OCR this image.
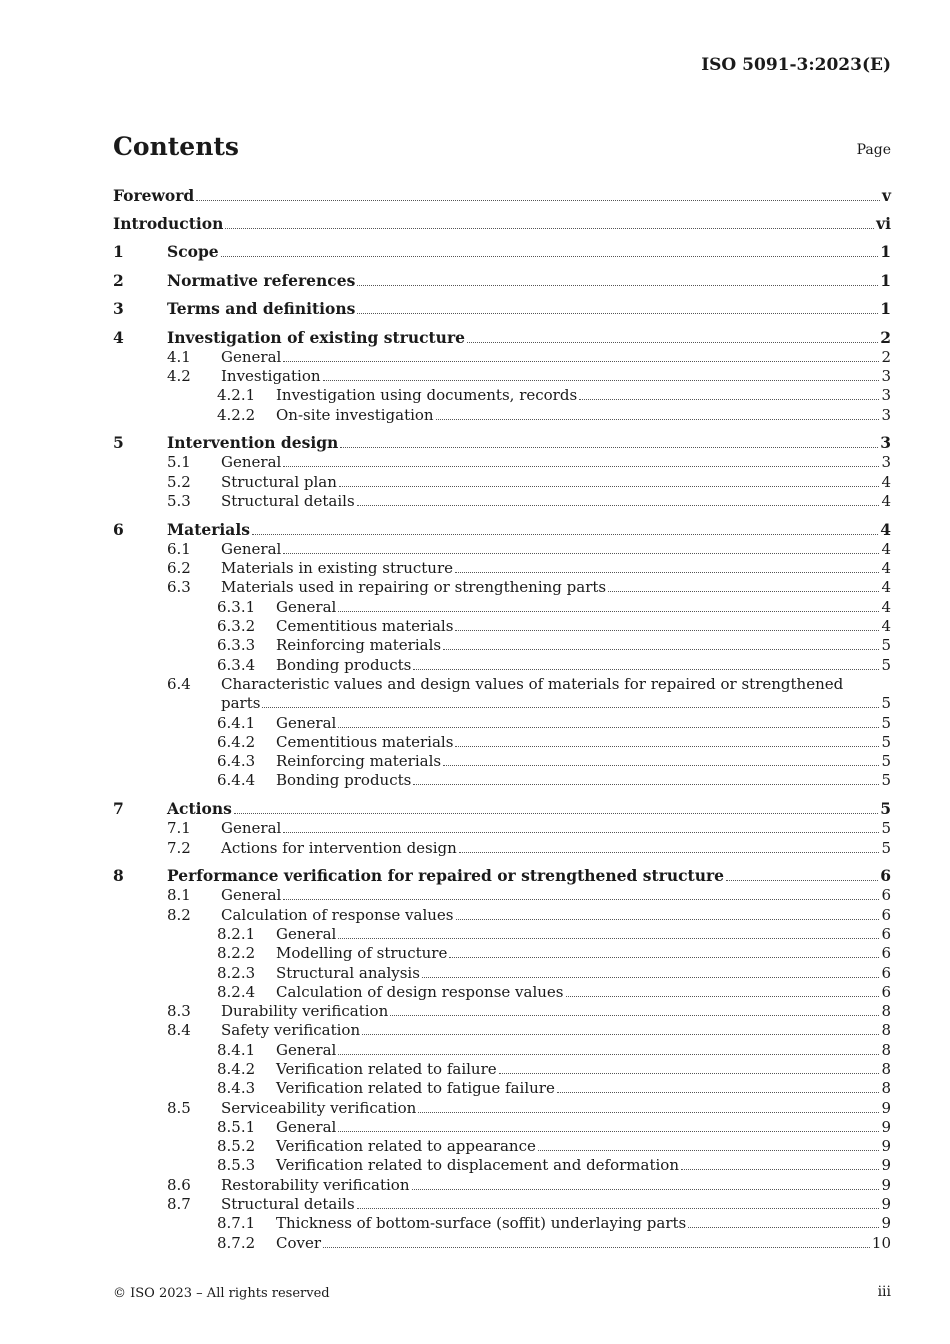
ISO 5091-3:2023(E)
Contents	Page
Foreword	v
Introduction	vi
1	Scope	1
2	Normative references	1
3	Terms and definitions	1
4	Investigation of existing structure	2
4.1 General	2
4.2 Investigation	3
4.2.1 Investigation using documents, records	3
4.2.2 On-site investigation	3
5	Intervention design	3
5.1 General	3
5.2 Structural plan	4
5.3 Structural details	4
6	Materials	4
6.1 General	4
6.2 Materials in existing structure	4
6.3 Materials used in repairing or strengthening parts	4
6.3.1 General	4
6.3.2 Cementitious materials	4
6.3.3 Reinforcing materials	5
6.3.4 Bonding products	5
6.4 Characteristic values and design values of materials for repaired or strengthened
parts	5
6.4.1 General	5
6.4.2 Cementitious materials	5
6.4.3 Reinforcing materials	5
6.4.4 Bonding products	5
7	Actions	5
7.1 General	5
7.2 Actions for intervention design	5
8	Performance verification for repaired or strengthened structure	6
8.1 General	6
8.2 Calculation of response values	6
8.2.1 General	6
8.2.2 Modelling of structure	6
8.2.3 Structural analysis	6
8.2.4 Calculation of design response values	6
8.3 Durability verification	8
8.4 Safety verification	8
8.4.1 General	8
8.4.2 Verification related to failure	8
8.4.3 Verification related to fatigue failure	8
8.5 Serviceability verification	9
8.5.1 General	9
8.5.2 Verification related to appearance	9
8.5.3 Verification related to displacement and deformation	9
8.6 Restorability verification	9
8.7 Structural details	9
8.7.1 Thickness of bottom-surface (soffit) underlaying parts	9
8.7.2 Cover	10
© ISO 2023 – All rights reserved	iii
